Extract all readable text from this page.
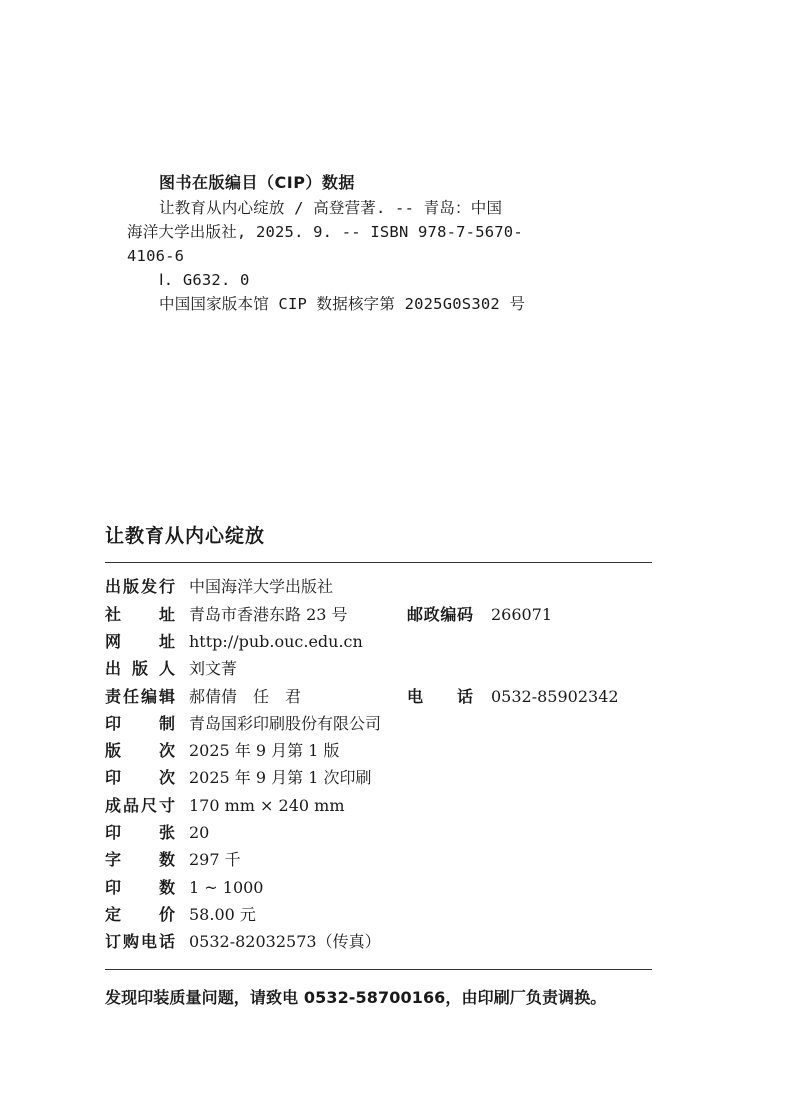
图书在版编目（CIP）数据
让教育从内心绽放 / 高登营著. -- 青岛：中国
海洋大学出版社, 2025. 9. -- ISBN 978-7-5670-
4106-6
Ⅰ. G632. 0
中国国家版本馆 CIP 数据核字第 2025G0S302 号
让教育从内心绽放
出 版 发 行 中国海洋大学出版社
社 址 青岛市香港东路 23 号	邮 政 编 码 266071
网 址 http://pub.ouc.edu.cn
出 版 人 刘文菁
责 任 编 辑 郝倩倩　任　君	电 话 0532-85902342
印 制 青岛国彩印刷股份有限公司
版 次 2025 年 9 月第 1 版
印 次 2025 年 9 月第 1 次印刷
成 品 尺 寸 170 mm × 240 mm
印 张 20
字 数 297 千
印 数 1 ~ 1000
定 价 58.00 元
订 购 电 话 0532-82032573（传真）
发现印装质量问题，请致电 0532-58700166，由印刷厂负责调换。
